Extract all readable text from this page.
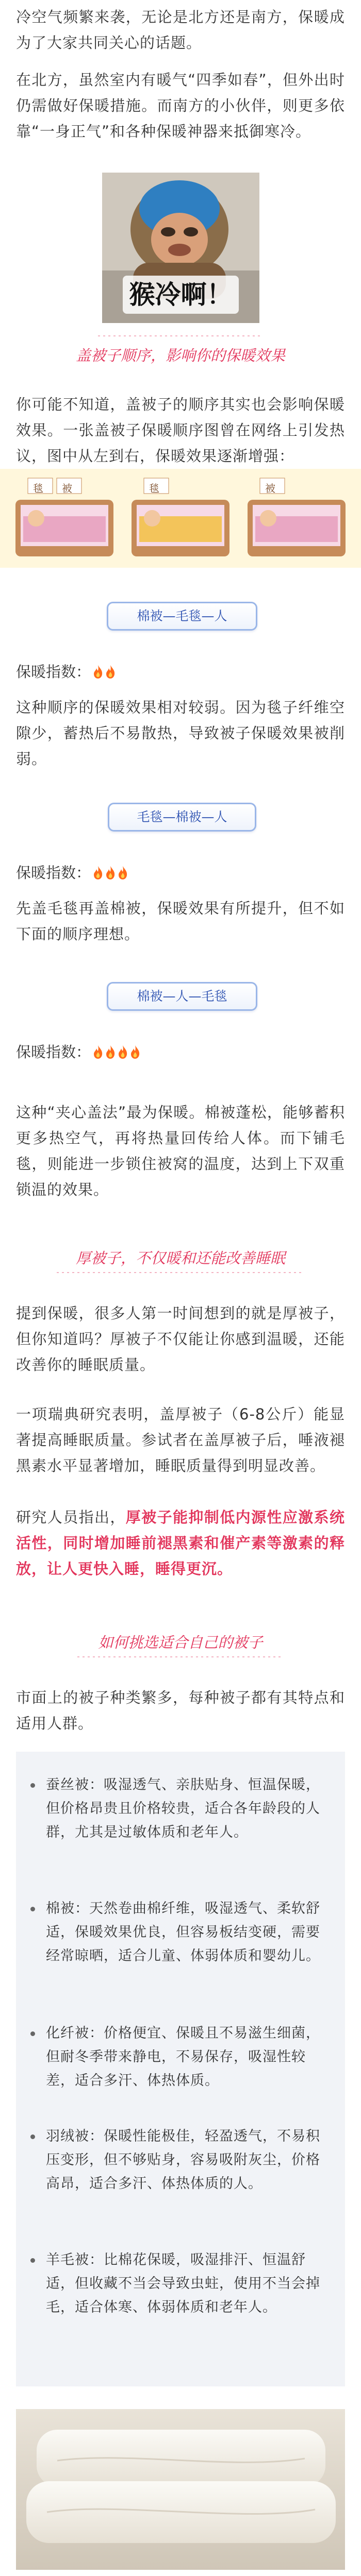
冷空气频繁来袭，无论是北方还是南方，保暖成为了大家共同关心的话题。

在北方，虽然室内有暖气“四季如春”，但外出时仍需做好保暖措施。而南方的小伙伴，则更多依靠“一身正气”和各种保暖神器来抵御寒冷。

猴冷啊！

盖被子顺序，影响你的保暖效果

你可能不知道，盖被子的顺序其实也会影响保暖效果。一张盖被子保暖顺序图曾在网络上引发热议，图中从左到右，保暖效果逐渐增强：

毯 被	毯	被
棉被—毛毯—人
保暖指数：

这种顺序的保暖效果相对较弱。因为毯子纤维空隙少，蓄热后不易散热，导致被子保暖效果被削弱。

毛毯—棉被—人
保暖指数：

先盖毛毯再盖棉被，保暖效果有所提升，但不如下面的顺序理想。

棉被—人—毛毯
保暖指数：

这种“夹心盖法”最为保暖。棉被蓬松，能够蓄积更多热空气，再将热量回传给人体。而下铺毛毯，则能进一步锁住被窝的温度，达到上下双重锁温的效果。

厚被子，不仅暖和还能改善睡眠

提到保暖，很多人第一时间想到的就是厚被子，但你知道吗？厚被子不仅能让你感到温暖，还能改善你的睡眠质量。

一项瑞典研究表明，盖厚被子（6-8公斤）能显著提高睡眠质量。参试者在盖厚被子后，唾液褪黑素水平显著增加，睡眠质量得到明显改善。

研究人员指出，厚被子能抑制低内源性应激系统活性，同时增加睡前褪黑素和催产素等激素的释放，让人更快入睡，睡得更沉。

如何挑选适合自己的被子

市面上的被子种类繁多，每种被子都有其特点和适用人群。

蚕丝被：吸湿透气、亲肤贴身、恒温保暖，但价格昂贵且价格较贵，适合各年龄段的人群，尤其是过敏体质和老年人。
棉被：天然卷曲棉纤维，吸湿透气、柔软舒适，保暖效果优良，但容易板结变硬，需要经常晾晒，适合儿童、体弱体质和婴幼儿。
化纤被：价格便宜、保暖且不易滋生细菌，但耐冬季带来静电，不易保存，吸湿性较差，适合多汗、体热体质。
羽绒被：保暖性能极佳，轻盈透气，不易积压变形，但不够贴身，容易吸附灰尘，价格高昂，适合多汗、体热体质的人。
羊毛被：比棉花保暖，吸湿排汗、恒温舒适，但收藏不当会导致虫蛀，使用不当会掉毛，适合体寒、体弱体质和老年人。
